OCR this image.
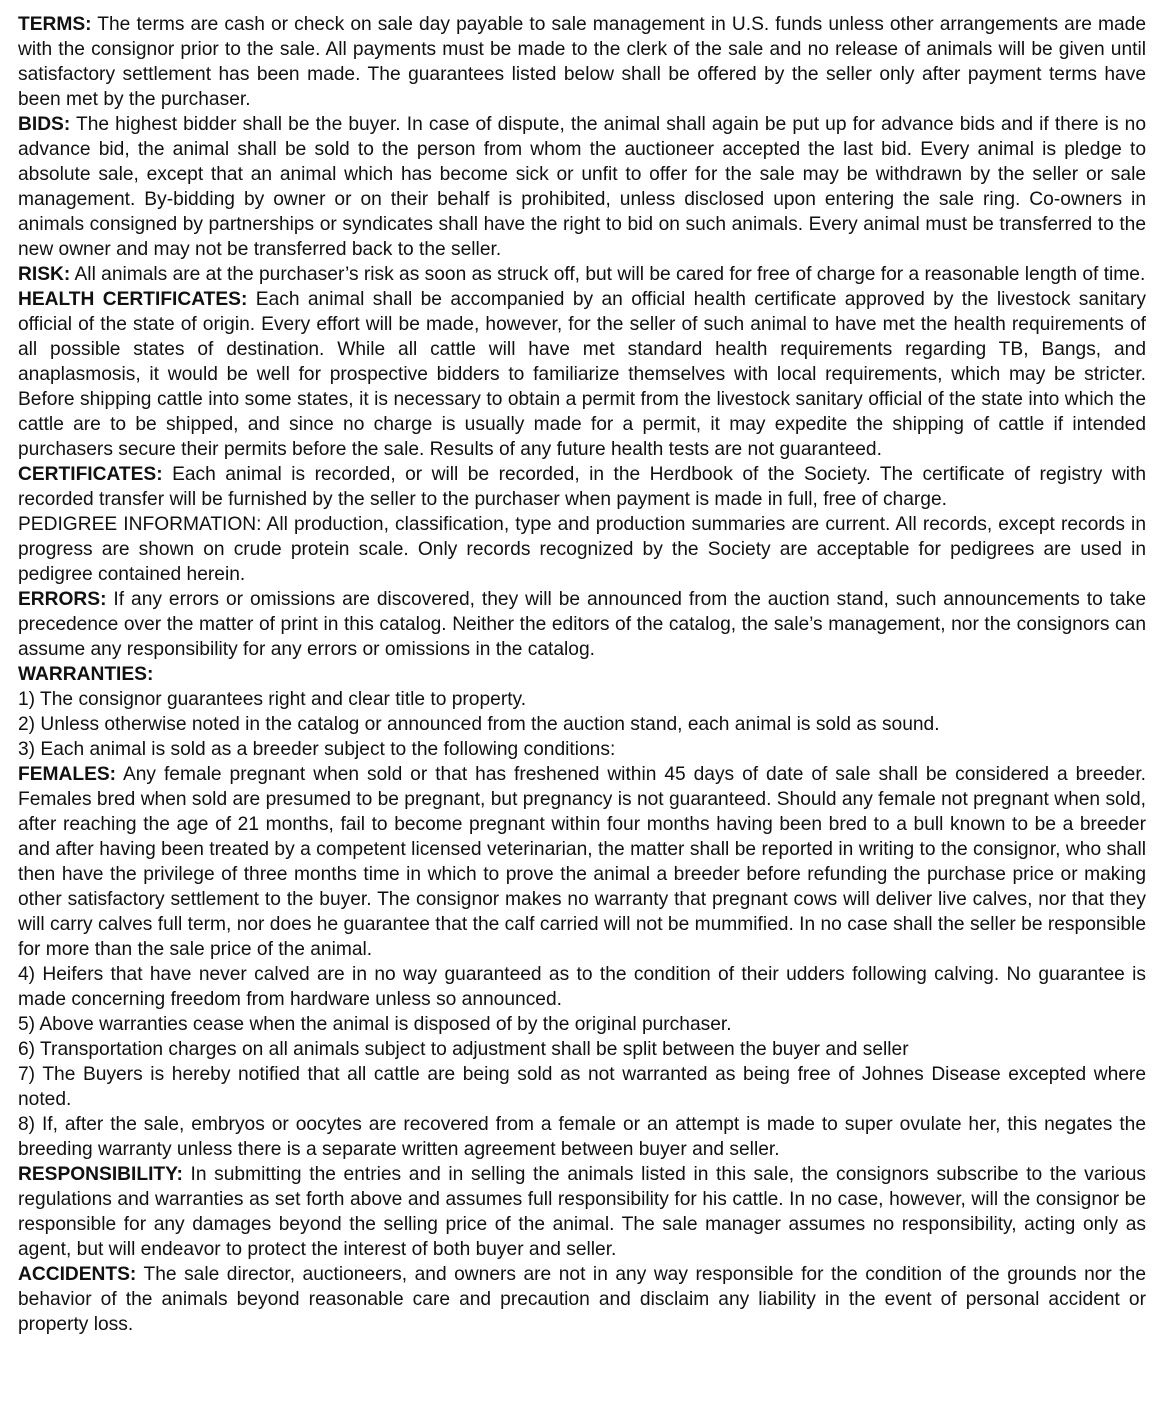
TERMS: The terms are cash or check on sale day payable to sale management in U.S. funds unless other arrangements are made with the consignor prior to the sale. All payments must be made to the clerk of the sale and no release of animals will be given until satisfactory settlement has been made. The guarantees listed below shall be offered by the seller only after payment terms have been met by the purchaser.

BIDS: The highest bidder shall be the buyer. In case of dispute, the animal shall again be put up for advance bids and if there is no advance bid, the animal shall be sold to the person from whom the auctioneer accepted the last bid. Every animal is pledge to absolute sale, except that an animal which has become sick or unfit to offer for the sale may be withdrawn by the seller or sale management. By-bidding by owner or on their behalf is prohibited, unless disclosed upon entering the sale ring. Co-owners in animals consigned by partnerships or syndicates shall have the right to bid on such animals. Every animal must be transferred to the new owner and may not be transferred back to the seller.

RISK: All animals are at the purchaser’s risk as soon as struck off, but will be cared for free of charge for a reasonable length of time.

HEALTH CERTIFICATES: Each animal shall be accompanied by an official health certificate approved by the livestock sanitary official of the state of origin. Every effort will be made, however, for the seller of such animal to have met the health requirements of all possible states of destination. While all cattle will have met standard health requirements regarding TB, Bangs, and anaplasmosis, it would be well for prospective bidders to familiarize themselves with local requirements, which may be stricter. Before shipping cattle into some states, it is necessary to obtain a permit from the livestock sanitary official of the state into which the cattle are to be shipped, and since no charge is usually made for a permit, it may expedite the shipping of cattle if intended purchasers secure their permits before the sale. Results of any future health tests are not guaranteed.

CERTIFICATES: Each animal is recorded, or will be recorded, in the Herdbook of the Society. The certificate of registry with recorded transfer will be furnished by the seller to the purchaser when payment is made in full, free of charge.

PEDIGREE INFORMATION: All production, classification, type and production summaries are current. All records, except records in progress are shown on crude protein scale. Only records recognized by the Society are acceptable for pedigrees are used in pedigree contained herein.

ERRORS: If any errors or omissions are discovered, they will be announced from the auction stand, such announcements to take precedence over the matter of print in this catalog. Neither the editors of the catalog, the sale’s management, nor the consignors can assume any responsibility for any errors or omissions in the catalog.

WARRANTIES:

1) The consignor guarantees right and clear title to property.

2) Unless otherwise noted in the catalog or announced from the auction stand, each animal is sold as sound.

3) Each animal is sold as a breeder subject to the following conditions:

FEMALES: Any female pregnant when sold or that has freshened within 45 days of date of sale shall be considered a breeder. Females bred when sold are presumed to be pregnant, but pregnancy is not guaranteed. Should any female not pregnant when sold, after reaching the age of 21 months, fail to become pregnant within four months having been bred to a bull known to be a breeder and after having been treated by a competent licensed veterinarian, the matter shall be reported in writing to the consignor, who shall then have the privilege of three months time in which to prove the animal a breeder before refunding the purchase price or making other satisfactory settlement to the buyer. The consignor makes no warranty that pregnant cows will deliver live calves, nor that they will carry calves full term, nor does he guarantee that the calf carried will not be mummified. In no case shall the seller be responsible for more than the sale price of the animal.

4) Heifers that have never calved are in no way guaranteed as to the condition of their udders following calving. No guarantee is made concerning freedom from hardware unless so announced.

5) Above warranties cease when the animal is disposed of by the original purchaser.

6) Transportation charges on all animals subject to adjustment shall be split between the buyer and seller

7) The Buyers is hereby notified that all cattle are being sold as not warranted as being free of Johnes Disease excepted where noted.

8) If, after the sale, embryos or oocytes are recovered from a female or an attempt is made to super ovulate her, this negates the breeding warranty unless there is a separate written agreement between buyer and seller.

RESPONSIBILITY: In submitting the entries and in selling the animals listed in this sale, the consignors subscribe to the various regulations and warranties as set forth above and assumes full responsibility for his cattle. In no case, however, will the consignor be responsible for any damages beyond the selling price of the animal. The sale manager assumes no responsibility, acting only as agent, but will endeavor to protect the interest of both buyer and seller.

ACCIDENTS: The sale director, auctioneers, and owners are not in any way responsible for the condition of the grounds nor the behavior of the animals beyond reasonable care and precaution and disclaim any liability in the event of personal accident or property loss.
